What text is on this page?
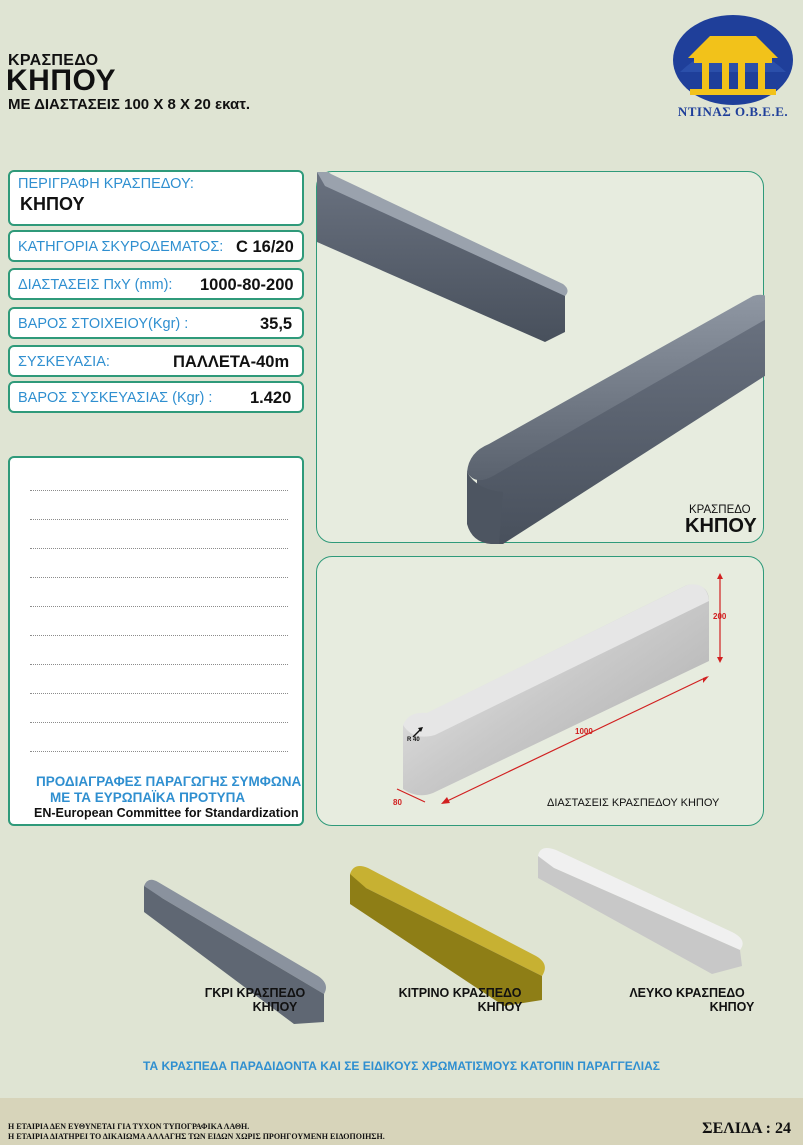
ΚΡΑΣΠΕΔΟ
ΚΗΠΟΥ
ΜΕ ΔΙΑΣΤΑΣΕΙΣ 100 Χ 8 Χ 20 εκατ.	ΝΤΙΝΑΣ Ο.Β.Ε.Ε.
ΠΕΡΙΓΡΑΦΗ ΚΡΑΣΠΕΔΟΥ:
ΚΗΠΟΥ
ΚΑΤΗΓΟΡΙΑ ΣΚΥΡΟΔΕΜΑΤΟΣ: C 16/20
ΔΙΑΣΤΑΣΕΙΣ ΠxΥ (mm): 1000-80-200
ΒΑΡΟΣ ΣΤΟΙΧΕΙΟΥ(Kgr) :	35,5
ΣΥΣΚΕΥΑΣΙΑ:	ΠΑΛΛΕΤΑ-40m
ΒΑΡΟΣ ΣΥΣΚΕΥΑΣΙΑΣ (Kgr) : 1.420
ΠΡΟΔΙΑΓΡΑΦΕΣ ΠΑΡΑΓΩΓΗΣ ΣΥΜΦΩΝΑ
ΜΕ ΤΑ ΕΥΡΩΠΑΪΚΑ ΠΡΟΤΥΠΑ
EN-European Committee for Standardization
ΚΡΑΣΠΕΔΟ
ΚΗΠΟΥ
200
1000
80
R 40
ΔΙΑΣΤΑΣΕΙΣ ΚΡΑΣΠΕΔΟΥ ΚΗΠΟΥ
ΓΚΡΙ ΚΡΑΣΠΕΔΟ
ΚΗΠΟΥ
ΚΙΤΡΙΝΟ ΚΡΑΣΠΕΔΟ
ΚΗΠΟΥ
ΛΕΥΚΟ ΚΡΑΣΠΕΔΟ
ΚΗΠΟΥ
ΤΑ ΚΡΑΣΠΕΔΑ ΠΑΡΑΔΙΔΟΝΤΑ ΚΑΙ ΣΕ ΕΙΔΙΚΟΥΣ ΧΡΩΜΑΤΙΣΜΟΥΣ ΚΑΤΟΠΙΝ ΠΑΡΑΓΓΕΛΙΑΣ
Η ΕΤΑΙΡΙΑ ΔΕΝ ΕΥΘΥΝΕΤΑΙ ΓΙΑ ΤΥΧΟΝ ΤΥΠΟΓΡΑΦΙΚΑ ΛΑΘΗ.
Η ΕΤΑΙΡΙΑ ΔΙΑΤΗΡΕΙ ΤΟ ΔΙΚΑΙΩΜΑ ΑΛΛΑΓΗΣ ΤΩΝ ΕΙΔΩΝ ΧΩΡΙΣ ΠΡΟΗΓΟΥΜΕΝΗ ΕΙΔΟΠΟΙΗΣΗ.	ΣΕΛΙΔΑ : 24
